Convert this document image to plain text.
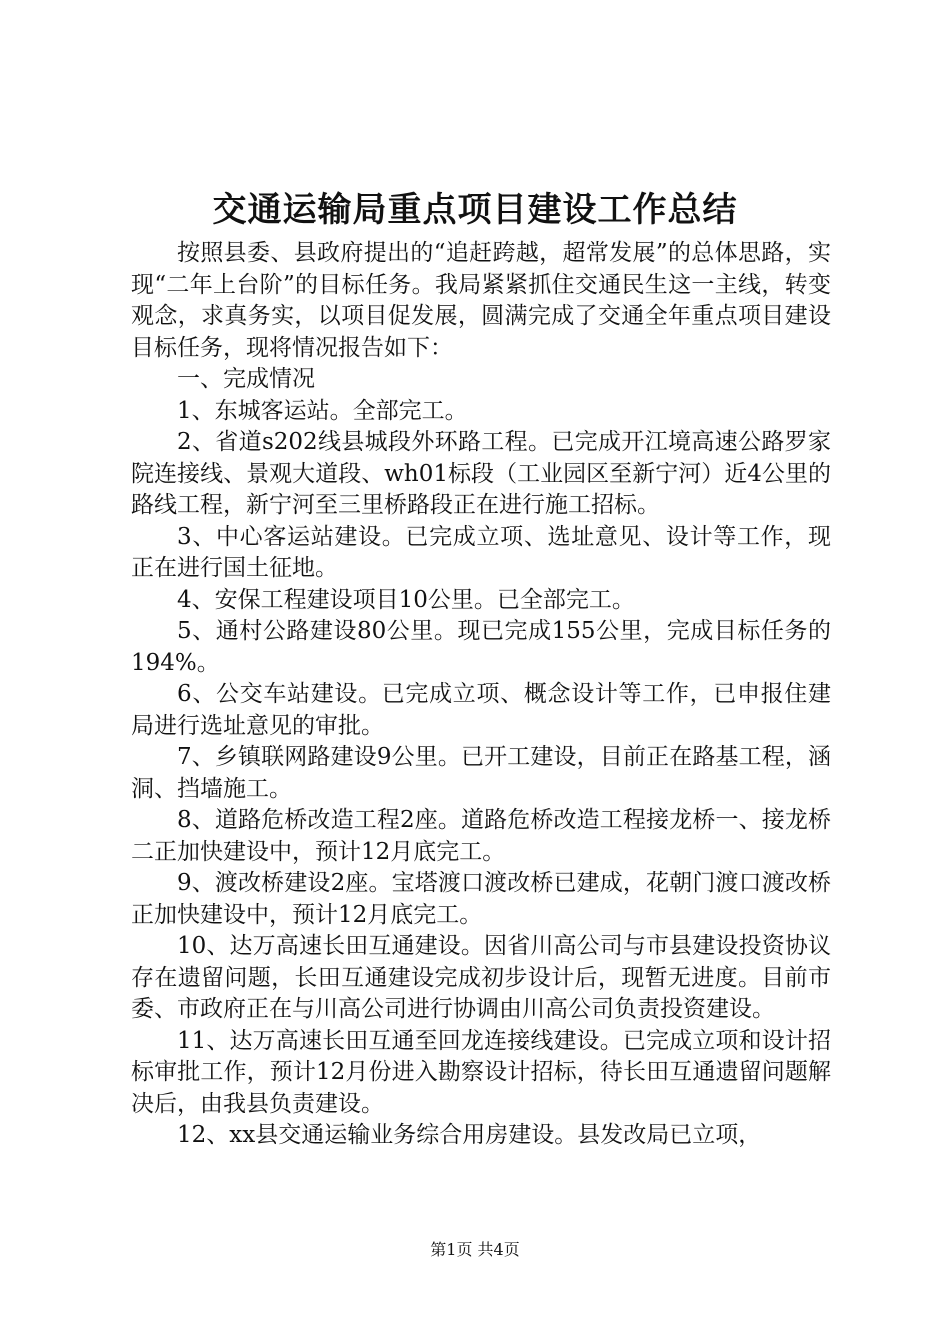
交通运输局重点项目建设工作总结

按照县委、县政府提出的“追赶跨越，超常发展”的总体思路，实现“二年上台阶”的目标任务。我局紧紧抓住交通民生这一主线，转变观念，求真务实，以项目促发展，圆满完成了交通全年重点项目建设目标任务，现将情况报告如下：

一、完成情况

1、东城客运站。全部完工。

2、省道s202线县城段外环路工程。已完成开江境高速公路罗家院连接线、景观大道段、wh01标段（工业园区至新宁河）近4公里的路线工程，新宁河至三里桥路段正在进行施工招标。

3、中心客运站建设。已完成立项、选址意见、设计等工作，现正在进行国土征地。

4、安保工程建设项目10公里。已全部完工。

5、通村公路建设80公里。现已完成155公里，完成目标任务的194%。

6、公交车站建设。已完成立项、概念设计等工作，已申报住建局进行选址意见的审批。

7、乡镇联网路建设9公里。已开工建设，目前正在路基工程，涵洞、挡墙施工。

8、道路危桥改造工程2座。道路危桥改造工程接龙桥一、接龙桥二正加快建设中，预计12月底完工。

9、渡改桥建设2座。宝塔渡口渡改桥已建成，花朝门渡口渡改桥正加快建设中，预计12月底完工。

10、达万高速长田互通建设。因省川高公司与市县建设投资协议存在遗留问题，长田互通建设完成初步设计后，现暂无进度。目前市委、市政府正在与川高公司进行协调由川高公司负责投资建设。

11、达万高速长田互通至回龙连接线建设。已完成立项和设计招标审批工作，预计12月份进入勘察设计招标，待长田互通遗留问题解决后，由我县负责建设。

12、xx县交通运输业务综合用房建设。县发改局已立项，

第1页 共4页
